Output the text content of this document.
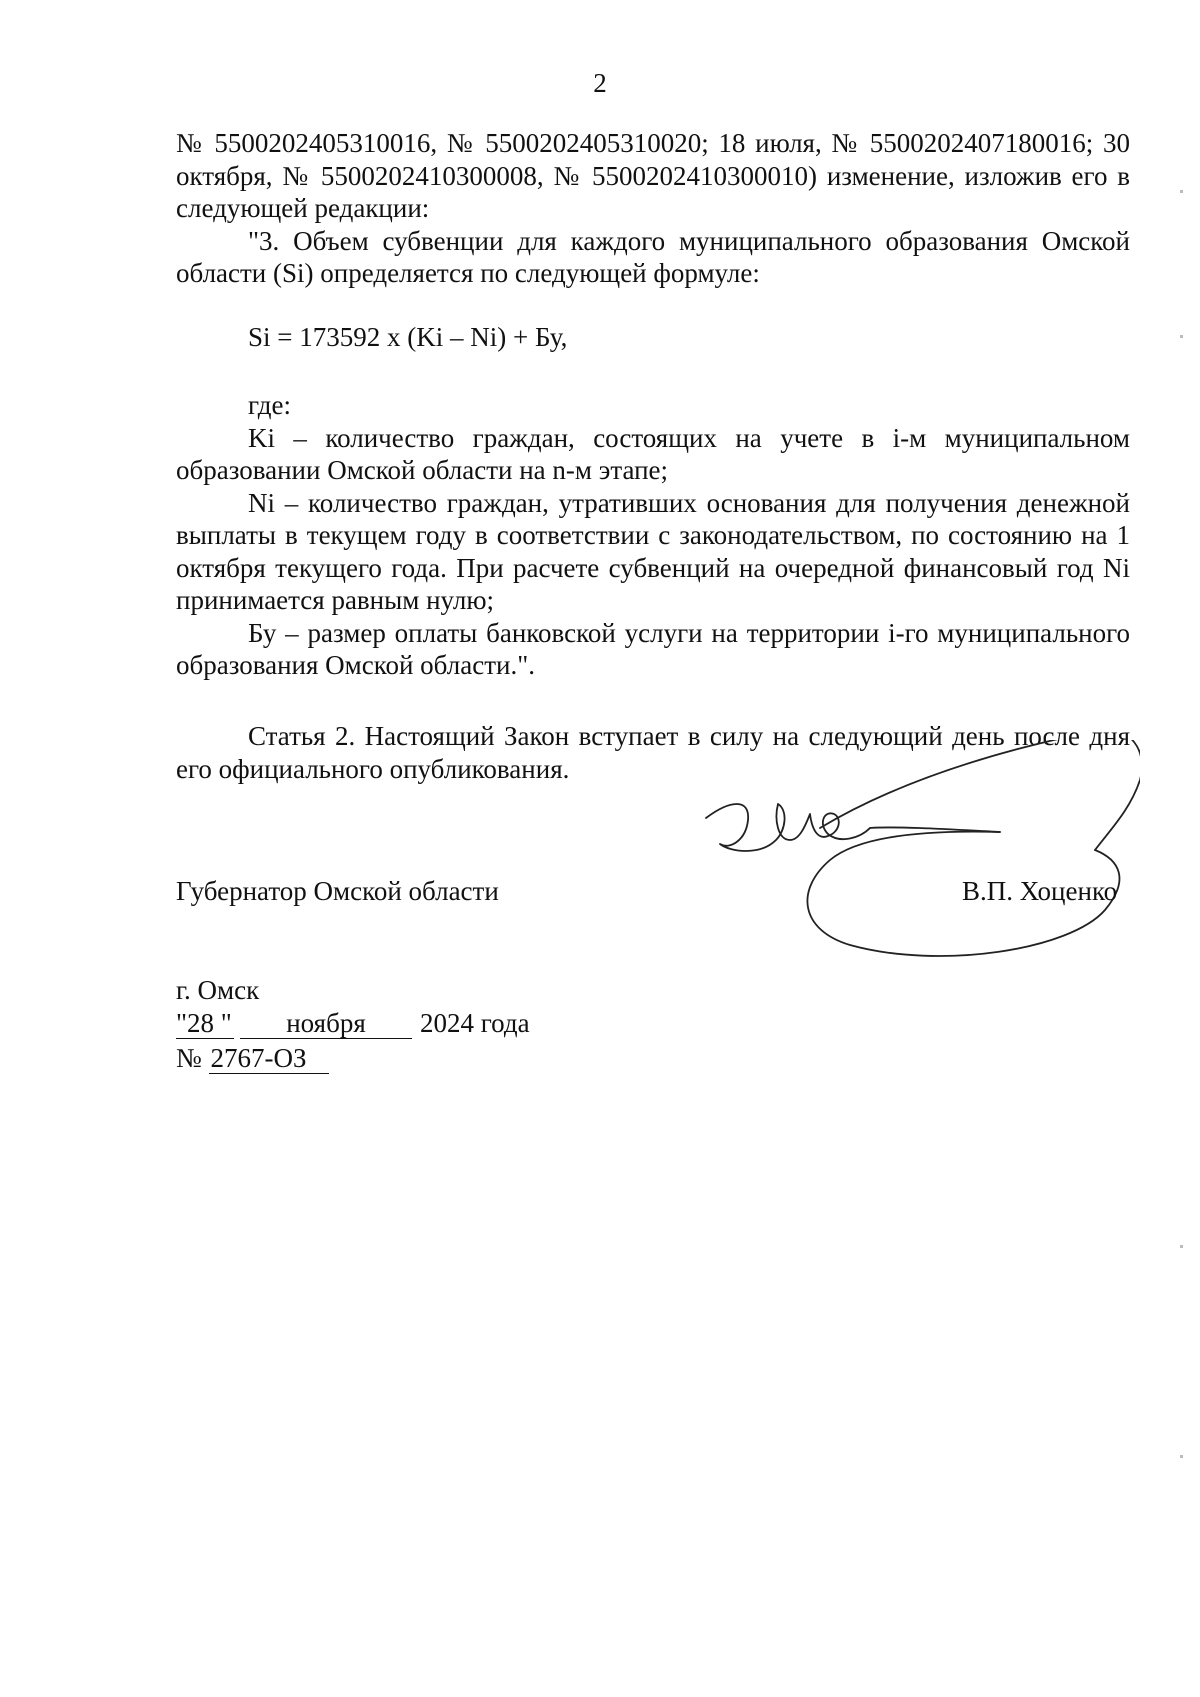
2

№ 5500202405310016, № 5500202405310020; 18 июля, № 5500202407180016; 30 октября, № 5500202410300008, № 5500202410300010) изменение, изложив его в следующей редакции:

"3. Объем субвенции для каждого муниципального образования Омской области (Si) определяется по следующей формуле:

Si = 173592 x (Ki – Ni) + Бу,

где:

Ki – количество граждан, состоящих на учете в i-м муниципальном образовании Омской области на n-м этапе;

Ni – количество граждан, утративших основания для получения денежной выплаты в текущем году в соответствии с законодательством, по состоянию на 1 октября текущего года. При расчете субвенций на очередной финансовый год Ni принимается равным нулю;

Бу – размер оплаты банковской услуги на территории i-го муниципального образования Омской области.".

Статья 2. Настоящий Закон вступает в силу на следующий день после дня его официального опубликования.

Губернатор Омской области	В.П. Хоценко
г. Омск
"28 " ноября 2024 года
№ 2767-ОЗ
